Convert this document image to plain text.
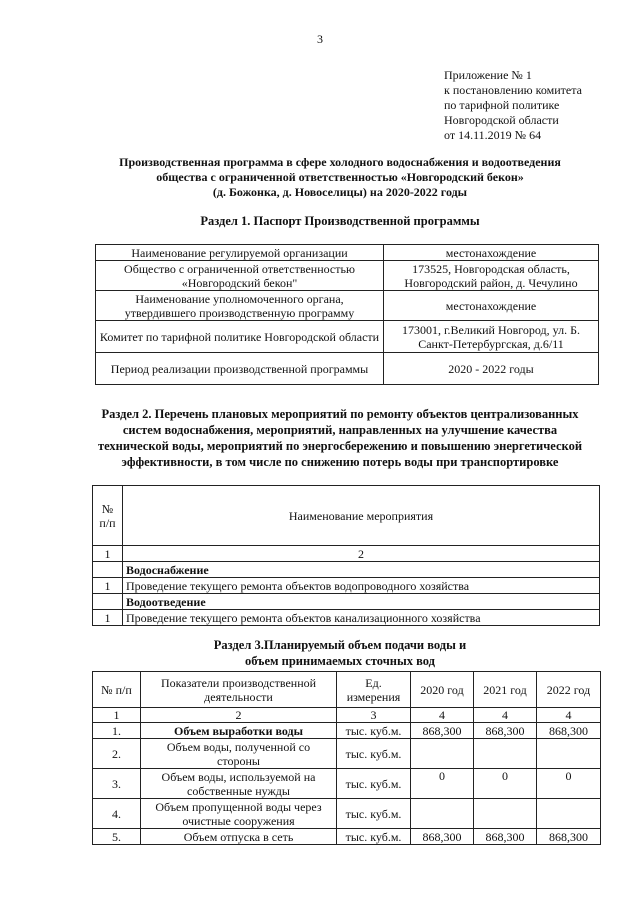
3
Приложение № 1
к постановлению комитета
по тарифной политике
Новгородской области
от 14.11.2019 № 64
Производственная программа в сфере холодного водоснабжения и водоотведения
общества с ограниченной ответственностью «Новгородский бекон»
(д. Божонка, д. Новоселицы) на 2020-2022 годы
Раздел 1. Паспорт Производственной программы
Наименование регулируемой организации	местонахождение
Общество с ограниченной ответственностью «Новгородский бекон"	173525, Новгородская область, Новгородский район, д. Чечулино
Наименование уполномоченного органа, утвердившего производственную программу	местонахождение
Комитет по тарифной политике Новгородской области	173001, г.Великий Новгород, ул. Б. Санкт-Петербургская, д.6/11
Период реализации производственной программы	2020 - 2022 годы
Раздел 2. Перечень плановых мероприятий по ремонту объектов централизованных
систем водоснабжения, мероприятий, направленных на улучшение качества
технической воды, мероприятий по энергосбережению и повышению энергетической
эффективности, в том числе по снижению потерь воды при транспортировке
№ п/п	Наименование мероприятия
1	2
	Водоснабжение
1	Проведение текущего ремонта объектов водопроводного хозяйства
	Водоотведение
1	Проведение текущего ремонта объектов канализационного хозяйства
Раздел 3.Планируемый объем подачи воды и
объем принимаемых сточных вод
№ п/п	Показатели производственной деятельности	Ед. измерения	2020 год	2021 год	2022 год
1	2	3	4	4	4
1.	Объем выработки воды	тыс. куб.м.	868,300	868,300	868,300
2.	Объем воды, полученной со стороны	тыс. куб.м.			
3.	Объем воды, используемой на собственные нужды	тыс. куб.м.	0	0	0
4.	Объем пропущенной воды через очистные сооружения	тыс. куб.м.			
5.	Объем отпуска в сеть	тыс. куб.м.	868,300	868,300	868,300
